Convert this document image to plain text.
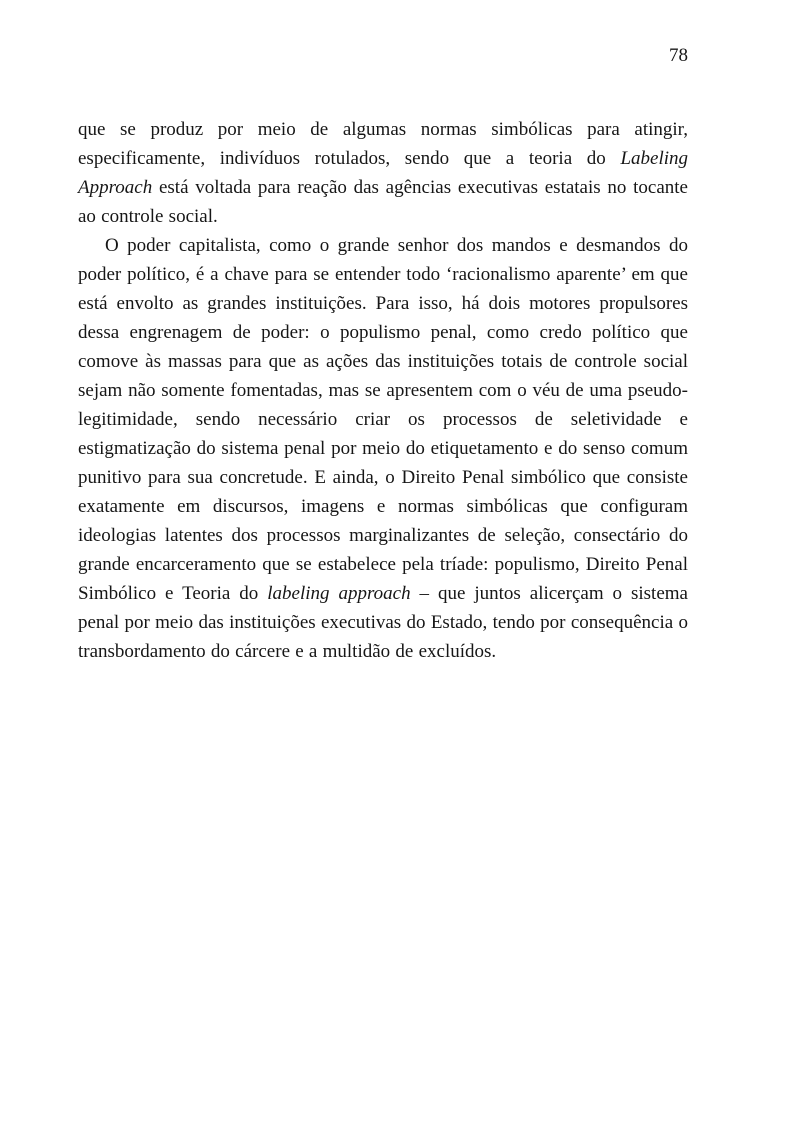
78

que se produz por meio de algumas normas simbólicas para atingir, especificamente, indivíduos rotulados, sendo que a teoria do Labeling Approach está voltada para reação das agências executivas estatais no tocante ao controle social.

O poder capitalista, como o grande senhor dos mandos e desmandos do poder político, é a chave para se entender todo ‘racionalismo aparente’ em que está envolto as grandes instituições. Para isso, há dois motores propulsores dessa engrenagem de poder: o populismo penal, como credo político que comove às massas para que as ações das instituições totais de controle social sejam não somente fomentadas, mas se apresentem com o véu de uma pseudo-legitimidade, sendo necessário criar os processos de seletividade e estigmatização do sistema penal por meio do etiquetamento e do senso comum punitivo para sua concretude. E ainda, o Direito Penal simbólico que consiste exatamente em discursos, imagens e normas simbólicas que configuram ideologias latentes dos processos marginalizantes de seleção, consectário do grande encarceramento que se estabelece pela tríade: populismo, Direito Penal Simbólico e Teoria do labeling approach – que juntos alicerçam o sistema penal por meio das instituições executivas do Estado, tendo por consequência o transbordamento do cárcere e a multidão de excluídos.
